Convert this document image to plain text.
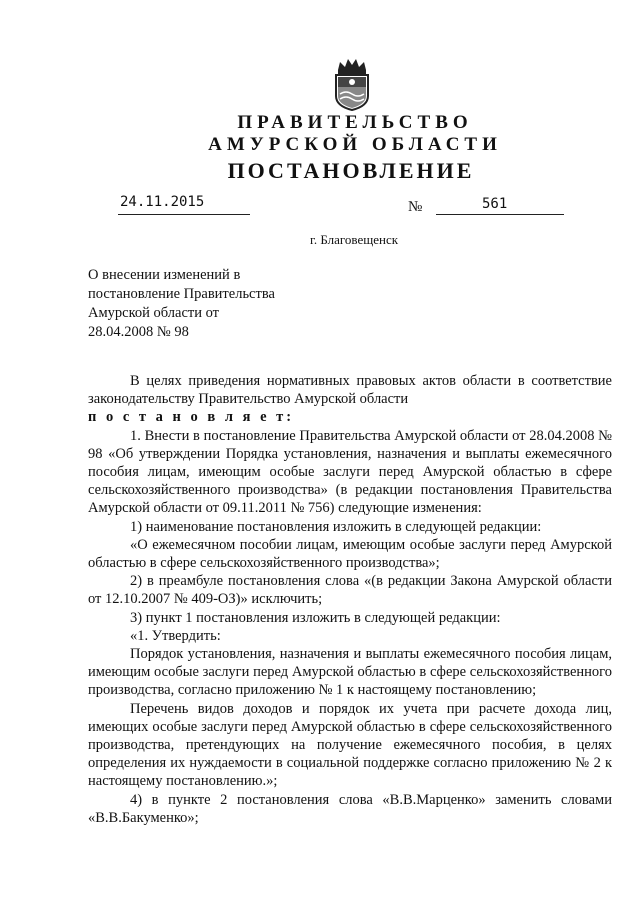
ПРАВИТЕЛЬСТВО
АМУРСКОЙ ОБЛАСТИ
ПОСТАНОВЛЕНИЕ
24.11.2015	№	561
г. Благовещенск
О внесении изменений в
постановление Правительства
Амурской области от
28.04.2008 № 98

В целях приведения нормативных правовых актов области в соответствие законодательству Правительство Амурской области

п о с т а н о в л я е т:

1. Внести в постановление Правительства Амурской области от 28.04.2008 № 98 «Об утверждении Порядка установления, назначения и выплаты ежемесячного пособия лицам, имеющим особые заслуги перед Амурской областью в сфере сельскохозяйственного производства» (в редакции постановления Правительства Амурской области от 09.11.2011 № 756) следующие изменения:

1) наименование постановления изложить в следующей редакции:

«О ежемесячном пособии лицам, имеющим особые заслуги перед Амурской областью в сфере сельскохозяйственного производства»;

2) в преамбуле постановления слова «(в редакции Закона Амурской области от 12.10.2007 № 409-ОЗ)» исключить;

3) пункт 1 постановления изложить в следующей редакции:

«1. Утвердить:

Порядок установления, назначения и выплаты ежемесячного пособия лицам, имеющим особые заслуги перед Амурской областью в сфере сельскохозяйственного производства, согласно приложению № 1 к настоящему постановлению;

Перечень видов доходов и порядок их учета при расчете дохода лиц, имеющих особые заслуги перед Амурской областью в сфере сельскохозяйственного производства, претендующих на получение ежемесячного пособия, в целях определения их нуждаемости в социальной поддержке согласно приложению № 2 к настоящему постановлению.»;

4) в пункте 2 постановления слова «В.В.Марценко» заменить словами «В.В.Бакуменко»;
